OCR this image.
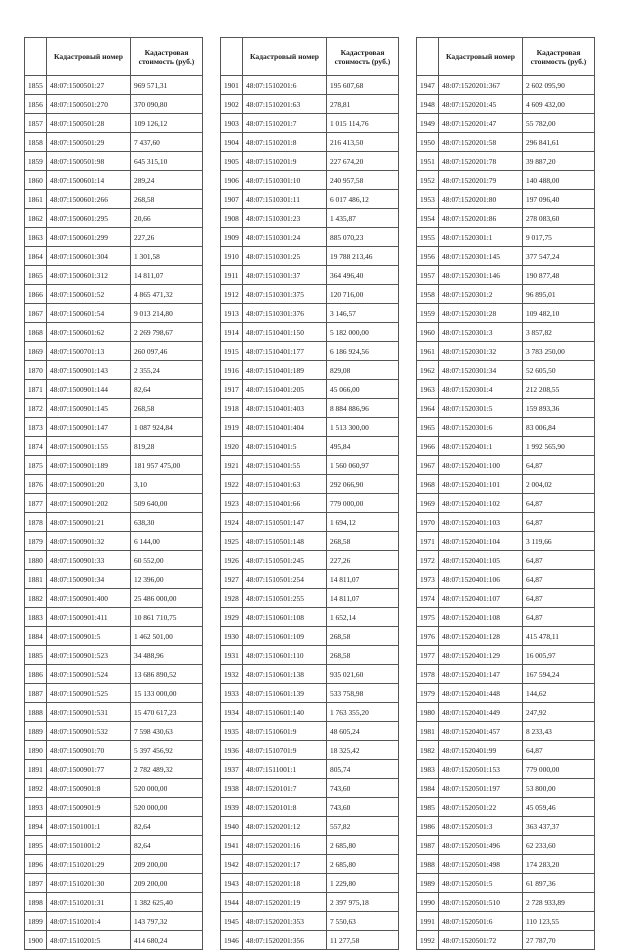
	Кадастровый номер	Кадастровая стоимость (руб.)
1855	48:07:1500501:27	969 571,31
1856	48:07:1500501:270	370 090,80
1857	48:07:1500501:28	109 126,12
1858	48:07:1500501:29	7 437,60
1859	48:07:1500501:98	645 315,10
1860	48:07:1500601:14	289,24
1861	48:07:1500601:266	268,58
1862	48:07:1500601:295	20,66
1863	48:07:1500601:299	227,26
1864	48:07:1500601:304	1 301,58
1865	48:07:1500601:312	14 811,07
1866	48:07:1500601:52	4 865 471,32
1867	48:07:1500601:54	9 013 214,80
1868	48:07:1500601:62	2 269 798,67
1869	48:07:1500701:13	260 097,46
1870	48:07:1500901:143	2 355,24
1871	48:07:1500901:144	82,64
1872	48:07:1500901:145	268,58
1873	48:07:1500901:147	1 087 924,84
1874	48:07:1500901:155	819,28
1875	48:07:1500901:189	181 957 475,00
1876	48:07:1500901:20	3,10
1877	48:07:1500901:202	509 640,00
1878	48:07:1500901:21	638,30
1879	48:07:1500901:32	6 144,00
1880	48:07:1500901:33	60 552,00
1881	48:07:1500901:34	12 396,00
1882	48:07:1500901:400	25 486 000,00
1883	48:07:1500901:411	10 861 710,75
1884	48:07:1500901:5	1 462 501,00
1885	48:07:1500901:523	34 488,96
1886	48:07:1500901:524	13 686 890,52
1887	48:07:1500901:525	15 133 000,00
1888	48:07:1500901:531	15 470 617,23
1889	48:07:1500901:532	7 598 430,63
1890	48:07:1500901:70	5 397 456,92
1891	48:07:1500901:77	2 782 489,32
1892	48:07:1500901:8	520 000,00
1893	48:07:1500901:9	520 000,00
1894	48:07:1501001:1	82,64
1895	48:07:1501001:2	82,64
1896	48:07:1510201:29	209 200,00
1897	48:07:1510201:30	209 200,00
1898	48:07:1510201:31	1 382 625,40
1899	48:07:1510201:4	143 797,32
1900	48:07:1510201:5	414 680,24
	Кадастровый номер	Кадастровая стоимость (руб.)
1901	48:07:1510201:6	195 607,68
1902	48:07:1510201:63	278,81
1903	48:07:1510201:7	1 015 114,76
1904	48:07:1510201:8	216 413,50
1905	48:07:1510201:9	227 674,20
1906	48:07:1510301:10	240 957,58
1907	48:07:1510301:11	6 017 486,12
1908	48:07:1510301:23	1 435,87
1909	48:07:1510301:24	885 070,23
1910	48:07:1510301:25	19 788 213,46
1911	48:07:1510301:37	364 496,40
1912	48:07:1510301:375	120 716,00
1913	48:07:1510301:376	3 146,57
1914	48:07:1510401:150	5 182 000,00
1915	48:07:1510401:177	6 186 924,56
1916	48:07:1510401:189	829,08
1917	48:07:1510401:205	45 066,00
1918	48:07:1510401:403	8 884 886,96
1919	48:07:1510401:404	1 513 300,00
1920	48:07:1510401:5	495,84
1921	48:07:1510401:55	1 560 060,97
1922	48:07:1510401:63	292 066,90
1923	48:07:1510401:66	779 000,00
1924	48:07:1510501:147	1 694,12
1925	48:07:1510501:148	268,58
1926	48:07:1510501:245	227,26
1927	48:07:1510501:254	14 811,07
1928	48:07:1510501:255	14 811,07
1929	48:07:1510601:108	1 652,14
1930	48:07:1510601:109	268,58
1931	48:07:1510601:110	268,58
1932	48:07:1510601:138	935 021,60
1933	48:07:1510601:139	533 758,98
1934	48:07:1510601:140	1 763 355,20
1935	48:07:1510601:9	48 605,24
1936	48:07:1510701:9	18 325,42
1937	48:07:1511001:1	805,74
1938	48:07:1520101:7	743,60
1939	48:07:1520101:8	743,60
1940	48:07:1520201:12	557,82
1941	48:07:1520201:16	2 685,80
1942	48:07:1520201:17	2 685,80
1943	48:07:1520201:18	1 229,80
1944	48:07:1520201:19	2 397 975,18
1945	48:07:1520201:353	7 550,63
1946	48:07:1520201:356	11 277,58
	Кадастровый номер	Кадастровая стоимость (руб.)
1947	48:07:1520201:367	2 602 095,90
1948	48:07:1520201:45	4 609 432,00
1949	48:07:1520201:47	55 782,00
1950	48:07:1520201:58	296 841,61
1951	48:07:1520201:78	39 887,20
1952	48:07:1520201:79	140 488,00
1953	48:07:1520201:80	197 096,40
1954	48:07:1520201:86	278 083,60
1955	48:07:1520301:1	9 017,75
1956	48:07:1520301:145	377 547,24
1957	48:07:1520301:146	190 877,48
1958	48:07:1520301:2	96 895,01
1959	48:07:1520301:28	109 482,10
1960	48:07:1520301:3	3 857,82
1961	48:07:1520301:32	3 783 250,00
1962	48:07:1520301:34	52 605,50
1963	48:07:1520301:4	212 208,55
1964	48:07:1520301:5	159 893,36
1965	48:07:1520301:6	83 006,84
1966	48:07:1520401:1	1 992 565,90
1967	48:07:1520401:100	64,87
1968	48:07:1520401:101	2 004,02
1969	48:07:1520401:102	64,87
1970	48:07:1520401:103	64,87
1971	48:07:1520401:104	3 119,66
1972	48:07:1520401:105	64,87
1973	48:07:1520401:106	64,87
1974	48:07:1520401:107	64,87
1975	48:07:1520401:108	64,87
1976	48:07:1520401:128	415 478,11
1977	48:07:1520401:129	16 005,97
1978	48:07:1520401:147	167 594,24
1979	48:07:1520401:448	144,62
1980	48:07:1520401:449	247,92
1981	48:07:1520401:457	8 233,43
1982	48:07:1520401:99	64,87
1983	48:07:1520501:153	779 000,00
1984	48:07:1520501:197	53 800,00
1985	48:07:1520501:22	45 059,46
1986	48:07:1520501:3	363 437,37
1987	48:07:1520501:496	62 233,60
1988	48:07:1520501:498	174 283,20
1989	48:07:1520501:5	61 897,36
1990	48:07:1520501:510	2 728 933,89
1991	48:07:1520501:6	110 123,55
1992	48:07:1520501:72	27 787,70
